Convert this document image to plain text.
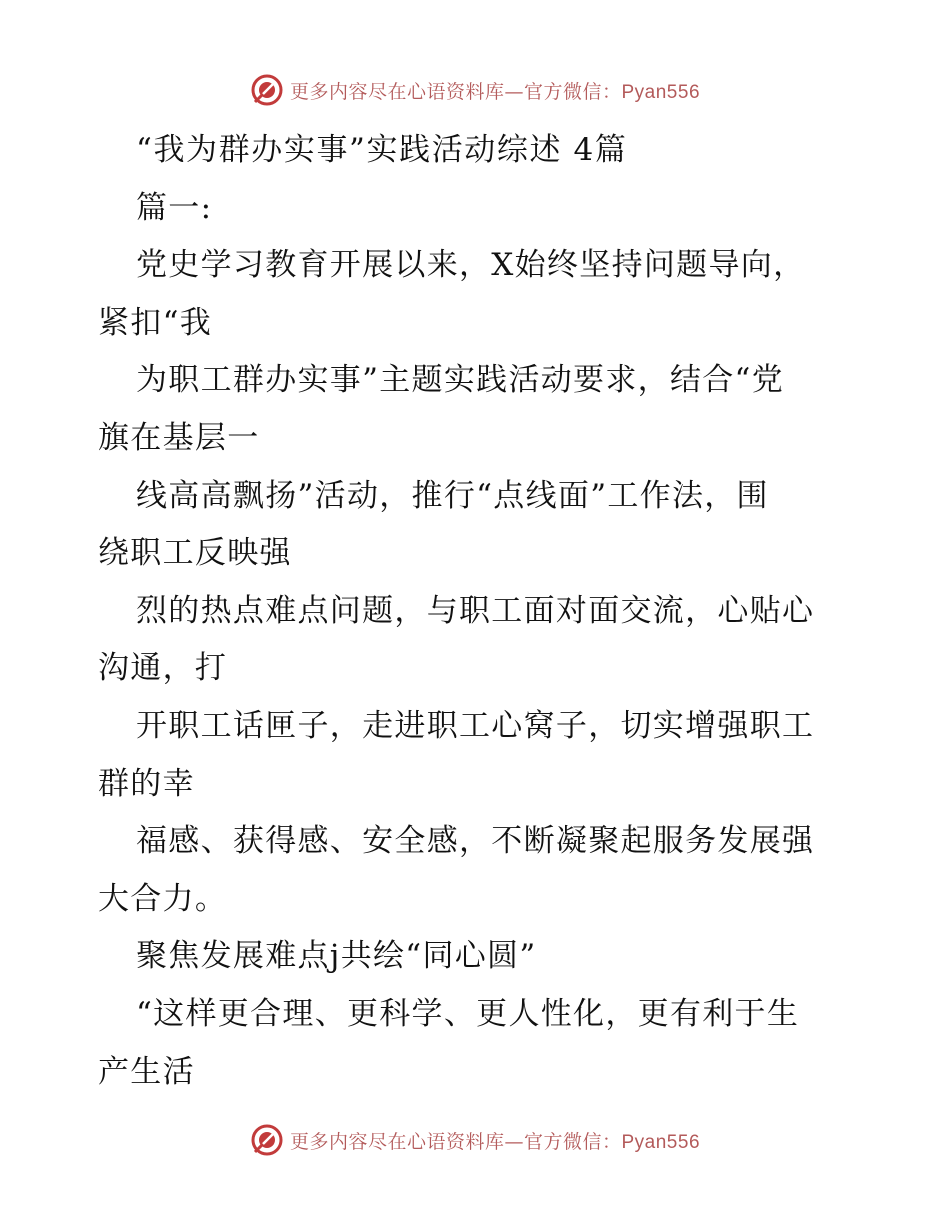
更多内容尽在心语资料库—官方微信：Pyan556
“我为群办实事”实践活动综述 4篇
篇一:
党史学习教育开展以来，X始终坚持问题导向，
紧扣“我
为职工群办实事”主题实践活动要求，结合“党
旗在基层一
线高高飘扬”活动，推行“点线面”工作法，围
绕职工反映强
烈的热点难点问题，与职工面对面交流，心贴心
沟通，打
开职工话匣子，走进职工心窝子，切实增强职工
群的幸
福感、获得感、安全感，不断凝聚起服务发展强
大合力。
聚焦发展难点j共绘“同心圆”
“这样更合理、更科学、更人性化，更有利于生
产生活
更多内容尽在心语资料库—官方微信：Pyan556
